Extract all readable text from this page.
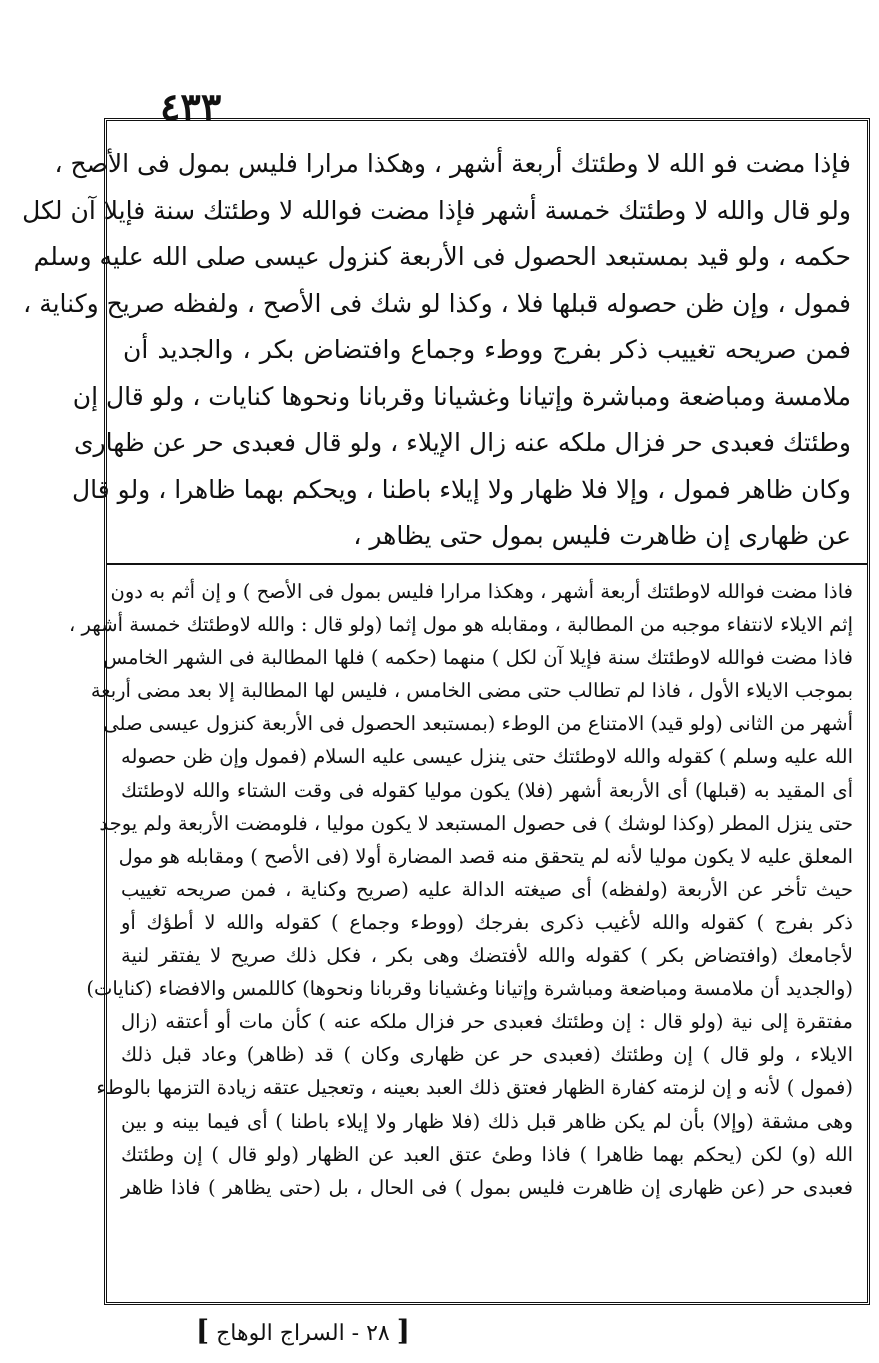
٤٣٣
فإذا مضت فو الله لا وطئتك أربعة أشهر ، وهكذا مرارا فليس بمول فى الأصح ،
ولو قال والله لا وطئتك خمسة أشهر فإذا مضت فوالله لا وطئتك سنة فإيلا آن لكل
حكمه ، ولو قيد بمستبعد الحصول فى الأربعة كنزول عيسى صلى الله عليه وسلم
فمول ، وإن ظن حصوله قبلها فلا ، وكذا لو شك فى الأصح ، ولفظه صريح وكناية ،
فمن صريحه تغييب ذكر بفرج ووطء وجماع وافتضاض بكر ، والجديد أن
ملامسة ومباضعة ومباشرة وإتيانا وغشيانا وقربانا ونحوها كنايات ، ولو قال إن
وطئتك فعبدى حر فزال ملكه عنه زال الإيلاء ، ولو قال فعبدى حر عن ظهارى
وكان ظاهر فمول ، وإلا فلا ظهار ولا إيلاء باطنا ، ويحكم بهما ظاهرا ، ولو قال
عن ظهارى إن ظاهرت فليس بمول حتى يظاهر ،
فاذا مضت فوالله لاوطئتك أربعة أشهر ، وهكذا مرارا فليس بمول فى الأصح ) و إن أثم به دون
إثم الايلاء لانتفاء موجبه من المطالبة ، ومقابله هو مول إثما (ولو قال : والله لاوطئتك خمسة أشهر ،
فاذا مضت فوالله لاوطئتك سنة فإيلا آن لكل ) منهما (حكمه ) فلها المطالبة فى الشهر الخامس
بموجب الايلاء الأول ، فاذا لم تطالب حتى مضى الخامس ، فليس لها المطالبة إلا بعد مضى أربعة
أشهر من الثانى (ولو قيد) الامتناع من الوطء (بمستبعد الحصول فى الأربعة كنزول عيسى صلى
الله عليه وسلم ) كقوله والله لاوطئتك حتى ينزل عيسى عليه السلام (فمول وإن ظن حصوله
أى المقيد به (قبلها) أى الأربعة أشهر (فلا) يكون موليا كقوله فى وقت الشتاء والله لاوطئتك
حتى ينزل المطر (وكذا لوشك ) فى حصول المستبعد لا يكون موليا ، فلومضت الأربعة ولم يوجد
المعلق عليه لا يكون موليا لأنه لم يتحقق منه قصد المضارة أولا (فى الأصح ) ومقابله هو مول
حيث تأخر عن الأربعة (ولفظه) أى صيغته الدالة عليه (صريح وكناية ، فمن صريحه تغييب
ذكر بفرج ) كقوله والله لأغيب ذكرى بفرجك (ووطء وجماع ) كقوله والله لا أطؤك أو
لأجامعك (وافتضاض بكر ) كقوله والله لأفتضك وهى بكر ، فكل ذلك صريح لا يفتقر لنية
(والجديد أن ملامسة ومباضعة ومباشرة وإتيانا وغشيانا وقربانا ونحوها) كاللمس والافضاء (كنايات)
مفتقرة إلى نية (ولو قال : إن وطئتك فعبدى حر فزال ملكه عنه ) كأن مات أو أعتقه (زال
الايلاء ، ولو قال ) إن وطئتك (فعبدى حر عن ظهارى وكان ) قد (ظاهر) وعاد قبل ذلك
(فمول ) لأنه و إن لزمته كفارة الظهار فعتق ذلك العبد بعينه ، وتعجيل عتقه زيادة التزمها بالوطء
وهى مشقة (وإلا) بأن لم يكن ظاهر قبل ذلك (فلا ظهار ولا إيلاء باطنا ) أى فيما بينه و بين
الله (و) لكن (يحكم بهما ظاهرا ) فاذا وطئ عتق العبد عن الظهار (ولو قال ) إن وطئتك
فعبدى حر (عن ظهارى إن ظاهرت فليس بمول ) فى الحال ، بل (حتى يظاهر ) فاذا ظاهر
[ ٢٨ - السراج الوهاج ]
